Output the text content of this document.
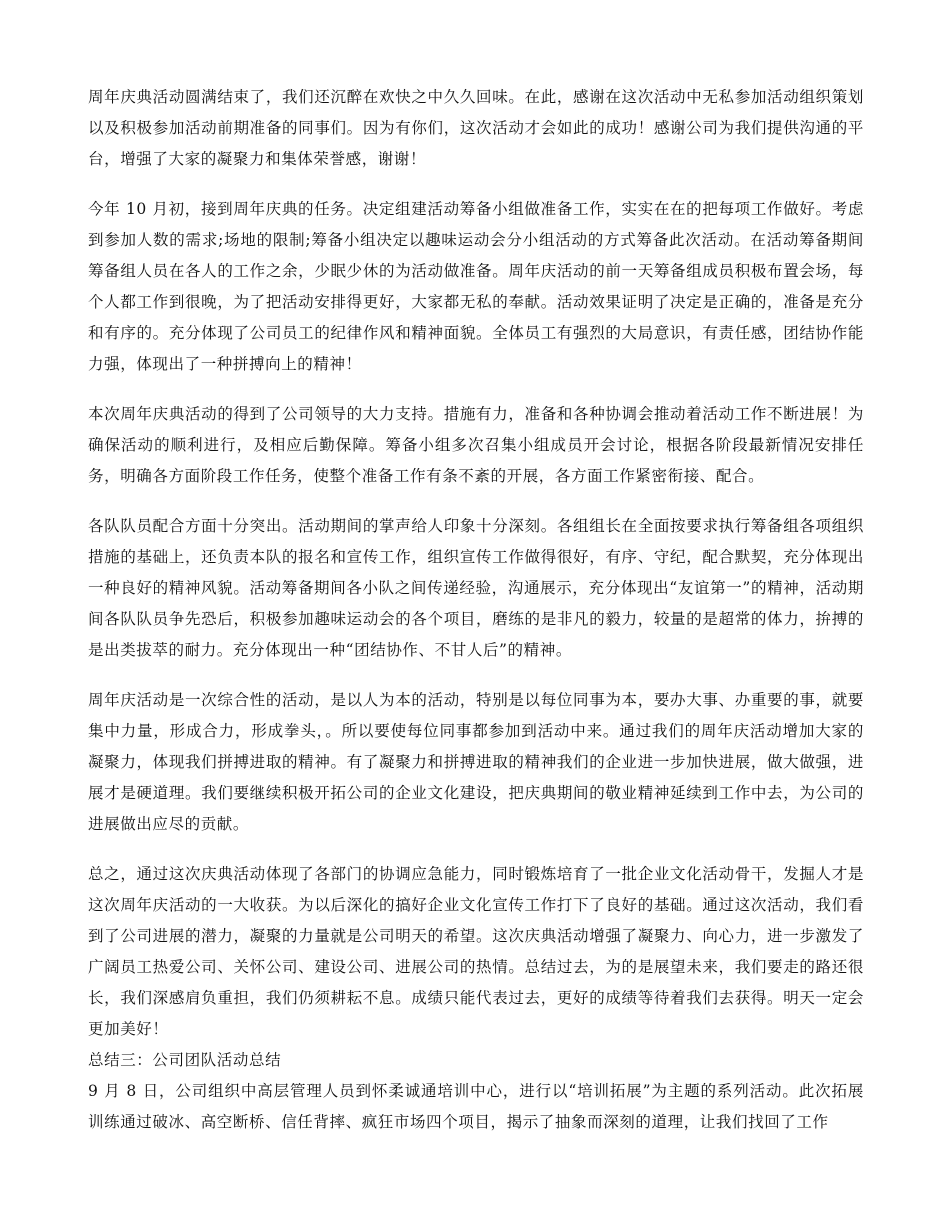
周年庆典活动圆满结束了，我们还沉醉在欢快之中久久回味。在此，感谢在这次活动中无私参加活动组织策划以及积极参加活动前期准备的同事们。因为有你们，这次活动才会如此的成功！感谢公司为我们提供沟通的平台，增强了大家的凝聚力和集体荣誉感，谢谢！

今年 10 月初，接到周年庆典的任务。决定组建活动筹备小组做准备工作，实实在在的把每项工作做好。考虑到参加人数的需求;场地的限制;筹备小组决定以趣味运动会分小组活动的方式筹备此次活动。在活动筹备期间筹备组人员在各人的工作之余，少眠少休的为活动做准备。周年庆活动的前一天筹备组成员积极布置会场，每个人都工作到很晚，为了把活动安排得更好，大家都无私的奉献。活动效果证明了决定是正确的，准备是充分和有序的。充分体现了公司员工的纪律作风和精神面貌。全体员工有强烈的大局意识，有责任感，团结协作能力强，体现出了一种拼搏向上的精神！

本次周年庆典活动的得到了公司领导的大力支持。措施有力，准备和各种协调会推动着活动工作不断进展！为确保活动的顺利进行，及相应后勤保障。筹备小组多次召集小组成员开会讨论，根据各阶段最新情况安排任务，明确各方面阶段工作任务，使整个准备工作有条不紊的开展，各方面工作紧密衔接、配合。

各队队员配合方面十分突出。活动期间的掌声给人印象十分深刻。各组组长在全面按要求执行筹备组各项组织措施的基础上，还负责本队的报名和宣传工作，组织宣传工作做得很好，有序、守纪，配合默契，充分体现出一种良好的精神风貌。活动筹备期间各小队之间传递经验，沟通展示，充分体现出“友谊第一”的精神，活动期间各队队员争先恐后，积极参加趣味运动会的各个项目，磨练的是非凡的毅力，较量的是超常的体力，拚搏的是出类拔萃的耐力。充分体现出一种“团结协作、不甘人后”的精神。

周年庆活动是一次综合性的活动，是以人为本的活动，特别是以每位同事为本，要办大事、办重要的事，就要集中力量，形成合力，形成拳头，。所以要使每位同事都参加到活动中来。通过我们的周年庆活动增加大家的凝聚力，体现我们拼搏进取的精神。有了凝聚力和拼搏进取的精神我们的企业进一步加快进展，做大做强，进展才是硬道理。我们要继续积极开拓公司的企业文化建设，把庆典期间的敬业精神延续到工作中去，为公司的进展做出应尽的贡献。

总之，通过这次庆典活动体现了各部门的协调应急能力，同时锻炼培育了一批企业文化活动骨干，发掘人才是这次周年庆活动的一大收获。为以后深化的搞好企业文化宣传工作打下了良好的基础。通过这次活动，我们看到了公司进展的潜力，凝聚的力量就是公司明天的希望。这次庆典活动增强了凝聚力、向心力，进一步激发了广阔员工热爱公司、关怀公司、建设公司、进展公司的热情。总结过去，为的是展望未来，我们要走的路还很长，我们深感肩负重担，我们仍须耕耘不息。成绩只能代表过去，更好的成绩等待着我们去获得。明天一定会更加美好！

总结三：公司团队活动总结

9 月 8 日，公司组织中高层管理人员到怀柔诚通培训中心，进行以“培训拓展”为主题的系列活动。此次拓展训练通过破冰、高空断桥、信任背摔、疯狂市场四个项目，揭示了抽象而深刻的道理，让我们找回了工作
